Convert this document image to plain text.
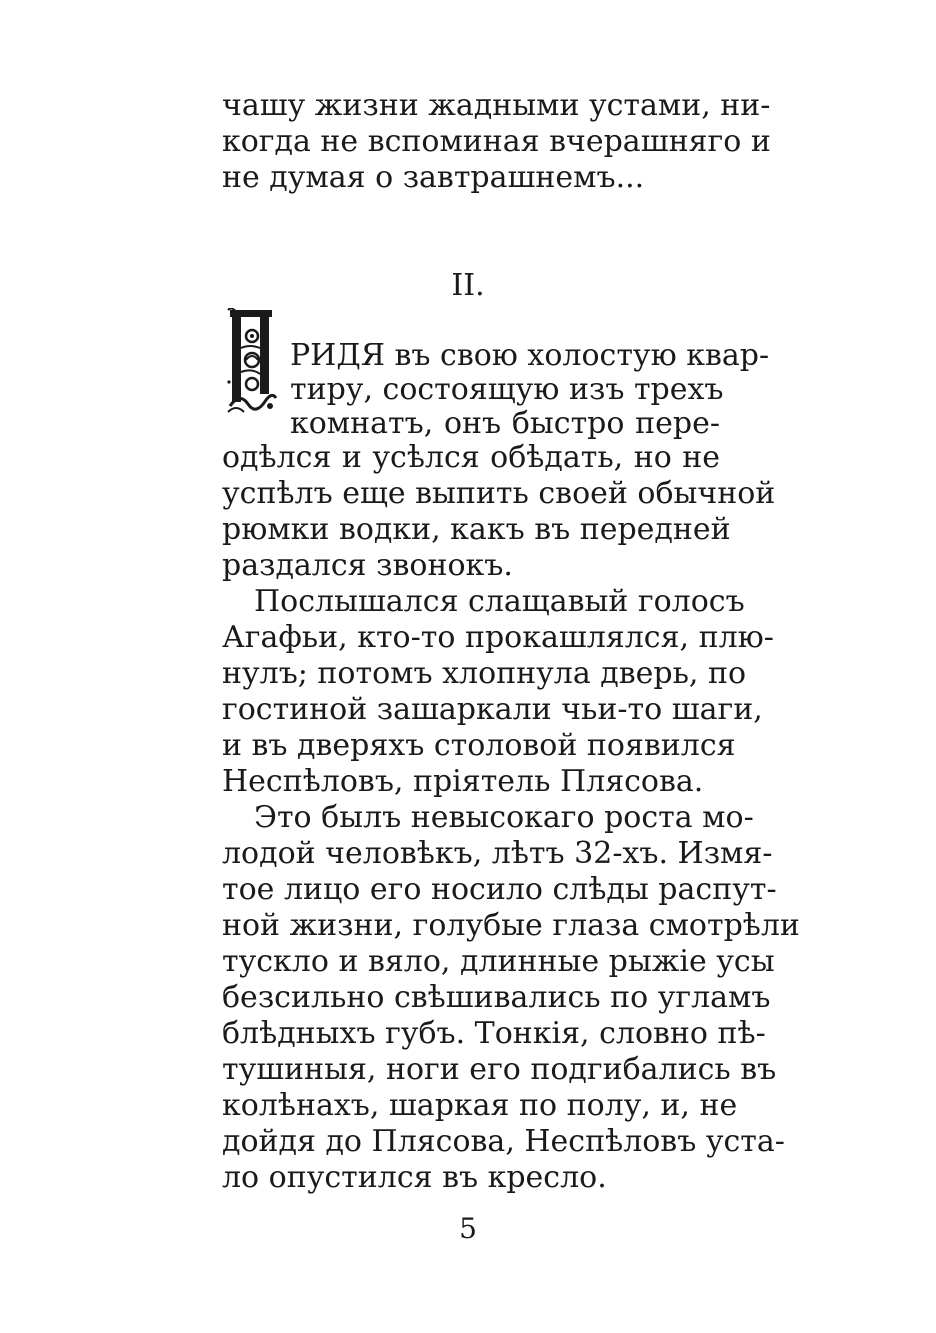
чашу жизни жадными устами, ни-
когда не вспоминая вчерашняго и
не думая о завтрашнемъ...
II.
РИДЯ въ свою холостую квар-
тиру, состоящую изъ трехъ
комнатъ, онъ быстро пере-
одѣлся и усѣлся обѣдать, но не
успѣлъ еще выпить своей обычной
рюмки водки, какъ въ передней
раздался звонокъ.
Послышался слащавый голосъ
Агафьи, кто-то прокашлялся, плю-
нулъ; потомъ хлопнула дверь, по
гостиной зашаркали чьи-то шаги,
и въ дверяхъ столовой появился
Неспѣловъ, пріятель Плясова.
Это былъ невысокаго роста мо-
лодой человѣкъ, лѣтъ 32-хъ. Измя-
тое лицо его носило слѣды распут-
ной жизни, голубые глаза смотрѣли
тускло и вяло, длинные рыжіе усы
безсильно свѣшивались по угламъ
блѣдныхъ губъ. Тонкія, словно пѣ-
тушиныя, ноги его подгибались въ
колѣнахъ, шаркая по полу, и, не
дойдя до Плясова, Неспѣловъ уста-
ло опустился въ кресло.
5
